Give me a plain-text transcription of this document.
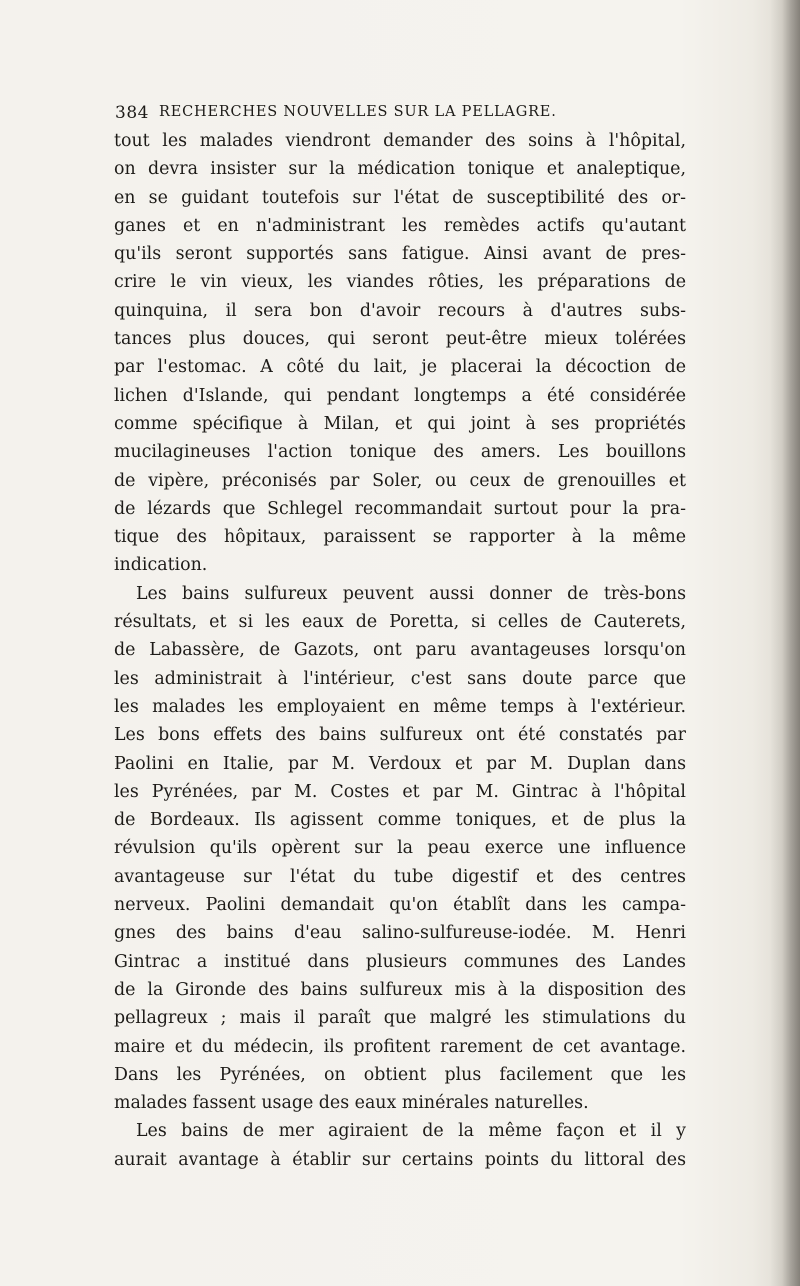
384 RECHERCHES NOUVELLES SUR LA PELLAGRE.
tout les malades viendront demander des soins à l'hôpital,
on devra insister sur la médication tonique et analeptique,
en se guidant toutefois sur l'état de susceptibilité des or-
ganes et en n'administrant les remèdes actifs qu'autant
qu'ils seront supportés sans fatigue. Ainsi avant de pres-
crire le vin vieux, les viandes rôties, les préparations de
quinquina, il sera bon d'avoir recours à d'autres subs-
tances plus douces, qui seront peut-être mieux tolérées
par l'estomac. A côté du lait, je placerai la décoction de
lichen d'Islande, qui pendant longtemps a été considérée
comme spécifique à Milan, et qui joint à ses propriétés
mucilagineuses l'action tonique des amers. Les bouillons
de vipère, préconisés par Soler, ou ceux de grenouilles et
de lézards que Schlegel recommandait surtout pour la pra-
tique des hôpitaux, paraissent se rapporter à la même
indication.
Les bains sulfureux peuvent aussi donner de très-bons
résultats, et si les eaux de Poretta, si celles de Cauterets,
de Labassère, de Gazots, ont paru avantageuses lorsqu'on
les administrait à l'intérieur, c'est sans doute parce que
les malades les employaient en même temps à l'extérieur.
Les bons effets des bains sulfureux ont été constatés par
Paolini en Italie, par M. Verdoux et par M. Duplan dans
les Pyrénées, par M. Costes et par M. Gintrac à l'hôpital
de Bordeaux. Ils agissent comme toniques, et de plus la
révulsion qu'ils opèrent sur la peau exerce une influence
avantageuse sur l'état du tube digestif et des centres
nerveux. Paolini demandait qu'on établît dans les campa-
gnes des bains d'eau salino-sulfureuse-iodée. M. Henri
Gintrac a institué dans plusieurs communes des Landes
de la Gironde des bains sulfureux mis à la disposition des
pellagreux ; mais il paraît que malgré les stimulations du
maire et du médecin, ils profitent rarement de cet avantage.
Dans les Pyrénées, on obtient plus facilement que les
malades fassent usage des eaux minérales naturelles.
Les bains de mer agiraient de la même façon et il y
aurait avantage à établir sur certains points du littoral des
